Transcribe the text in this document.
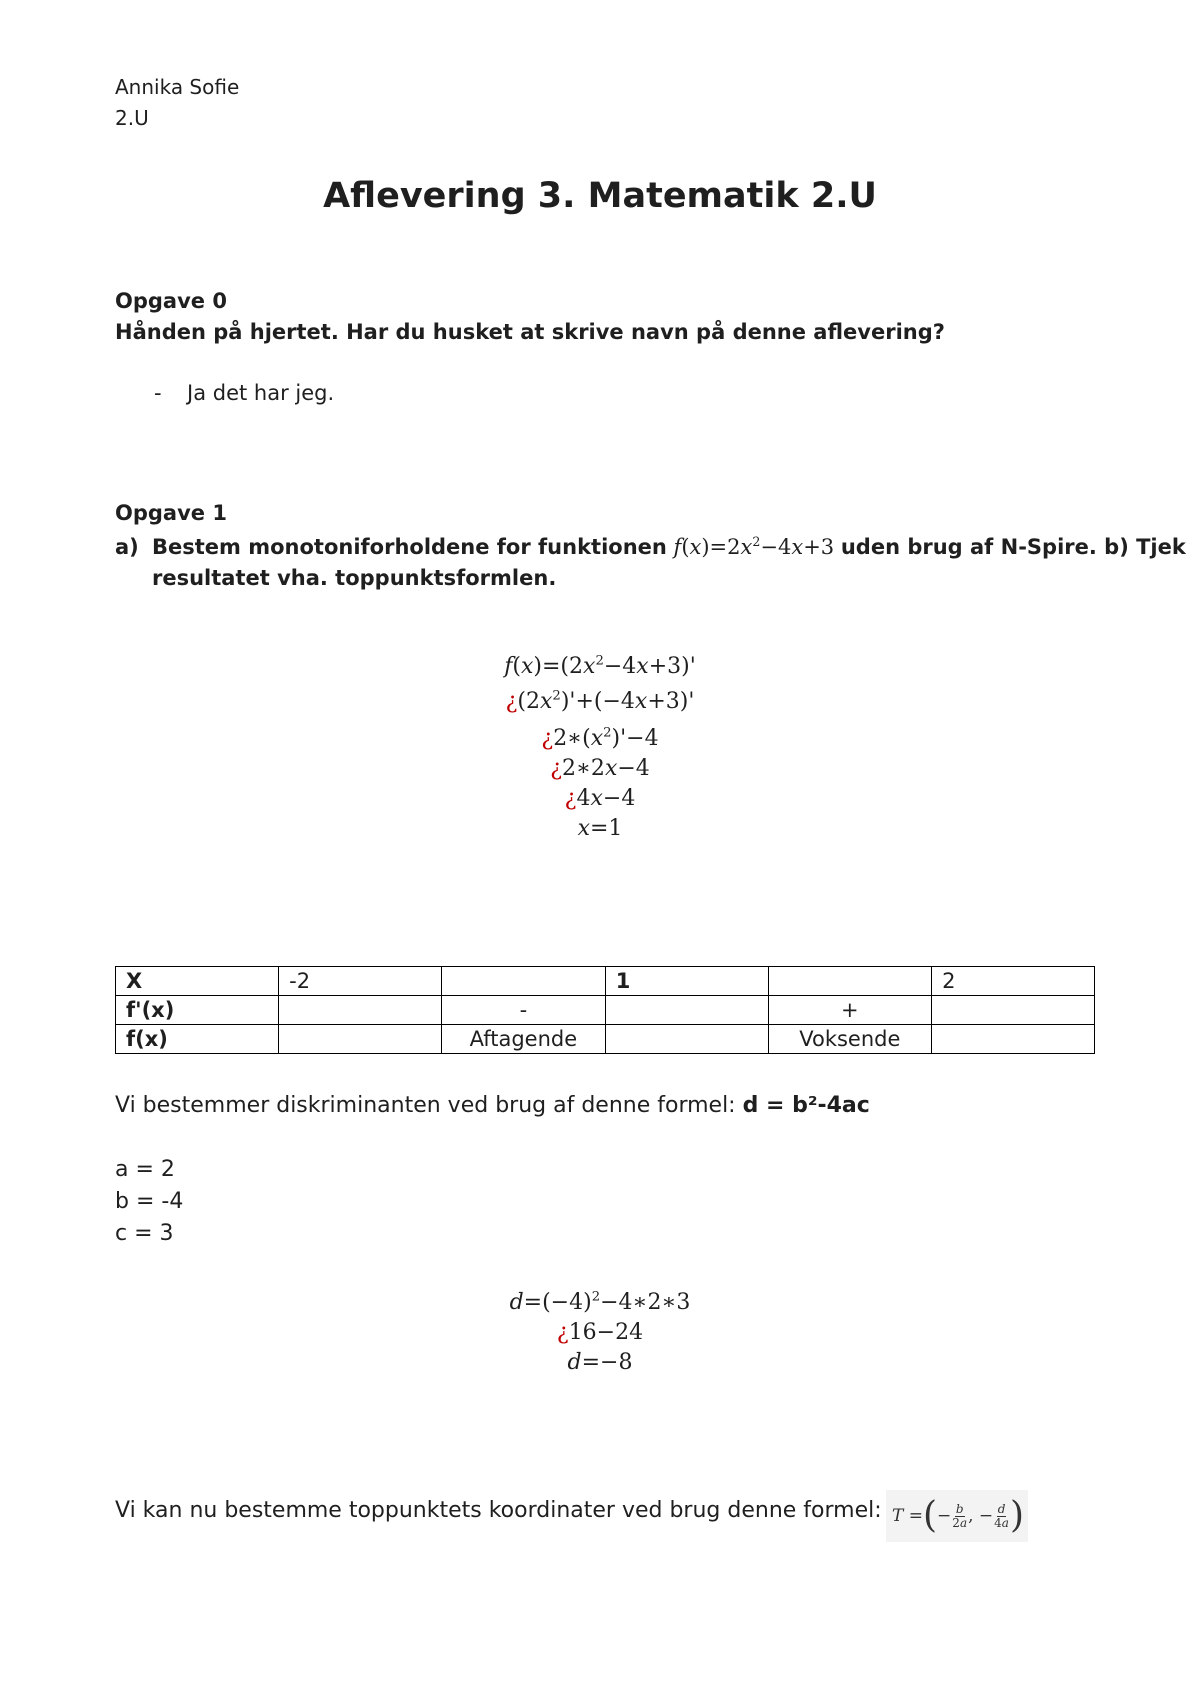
Annika Sofie
2.U
Aflevering 3. Matematik 2.U
Opgave 0
Hånden på hjertet. Har du husket at skrive navn på denne aflevering?
- Ja det har jeg.
Opgave 1
a) Bestem monotoniforholdene for funktionen $f(x)=2x^2-4x+3$ uden brug af N-Spire. b) Tjek
resultatet vha. toppunktsformlen.
$f(x)=(2x^2-4x+3)'$
¿$(2x^2)'+(-4x+3)'$
¿$2∗(x^2)'-4$
¿2∗2x−4
¿4x−4
x=1
X	-2		1		2
f'(x)		-		+	
f(x)		Aftagende		Voksende	
Vi bestemmer diskriminanten ved brug af denne formel: d = b²-4ac
a = 2
b = -4
c = 3
$d=(-4)^2-4∗2∗3$
¿16−24
d=−8
Vi kan nu bestemme toppunktets koordinater ved brug denne formel: T = ( − $\frac{b}{2a}$ , − $\frac{d}{4a}$ )
